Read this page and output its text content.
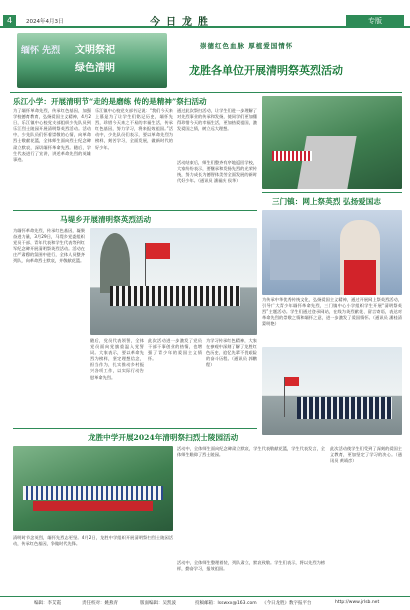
4	2024年4月3日	今日龙胜	专版
缅怀 先烈 文明祭祀
绿色清明
崇德红色血脉 厚植爱国情怀
龙胜各单位开展清明祭英烈活动
乐江小学：开展清明节“走的是磨练 传的是精神”祭扫活动
为了缅怀革命先烈，传承红色基因，加强学校德育教育，弘扬爱国主义精神，4月2日，乐江镇中心校党支部组织少先队员到乐江烈士陵园开展清明祭英烈活动。活动中，少先队员们怀着崇敬的心情，向革命烈士敬献花篮，全体师生面向烈士纪念碑肃立默哀，深切缅怀革命先烈。随后，学生代表进行了宣讲，讲述革命先烈的英雄事迹。
乐江镇中心校党支部书记说：“我们今天来上墓是为了让学生们铭记历史，缅怀先烈，珍惜今天来之不易的幸福生活，传承红色基因，努力学习，将来报效祖国。”活动中，少先队员们表示，要以革命先烈为榜样，刻苦学习，全面发展，做新时代的好少年。
通过此次祭扫活动，让学生们进一步理解了对先烈事业的传承和发扬，使同学们更加懂得珍惜今天的幸福生活，更加热爱祖国，激发爱国之情，树立远大理想。
活动结束后，师生们整齐有序地返回学校，大家纷纷表示，要继承和发扬先烈的光荣传统，努力成长为德智体美劳全面发展的新时代好少年。（通讯员 潘福庆 侯华）
三门镇：网上祭英烈 弘扬爱国志
为传承中华优秀传统文化，弘扬爱国主义精神，通过开展网上祭英烈活动，引导广大青少年缅怀革命先烈，三门镇中心小学组织学生开展“清明祭英烈”主题活动。学生们通过登录网站，在线为英烈献花、留言寄语，表达对革命先烈的崇敬之情和缅怀之意，进一步激发了爱国情怀。（通讯员 潘桂清 蒙明艳）
马堤乡开展清明祭英烈活动
为缅怀革命先烈，传承红色基因，凝聚奋进力量，3月29日，马堤乡党委组织党员干部、青年代表和学生代表等到红军纪念碑开展清明祭英烈活动。活动在庄严肃穆的氛围中进行，全体人员整齐列队，向革命烈士默哀，并敬献花篮。
随后，党员代表领誓，全体党员面向党旗重温入党誓词。大家表示，要以革命先烈为榜样，坚定理想信念，担当作为，扎实推动乡村振兴各项工作，以实际行动告慰革命先烈。
此次活动进一步激发了党员干部干事创业的热情，也增强了青少年的爱国主义情怀。
为学习传承红色精神，大家在参观中深刻了解了龙胜红色历史，追忆先辈不畏艰险的奋斗历程。（通讯员 郭鹏程）
龙胜中学开展2024年清明祭扫烈士陵园活动
清明时节念英烈，缅怀先烈志更坚。4月2日，龙胜中学组织开展清明祭扫烈士陵园活动，传承红色基因，争做时代先锋。
活动中，全体师生面向纪念碑肃立默哀，学生代表敬献花篮，学生代表发言，全体师生瞻仰了烈士陵园。
此次活动使学生们受到了深刻的爱国主义教育，更加坚定了学习的决心。（通讯员 黄靖彦）
活动中，全体师生整理着装，列队肃立，默哀致敬。学生们表示，将以先烈为榜样，勤奋学习，报效祖国。
编辑：李艾霞	责任校对：姚燕青	版面编辑：吴凯波	投稿邮箱：lsswxx@163.com 《今日龙胜》数字报平台	http://www.jrlsb.net
